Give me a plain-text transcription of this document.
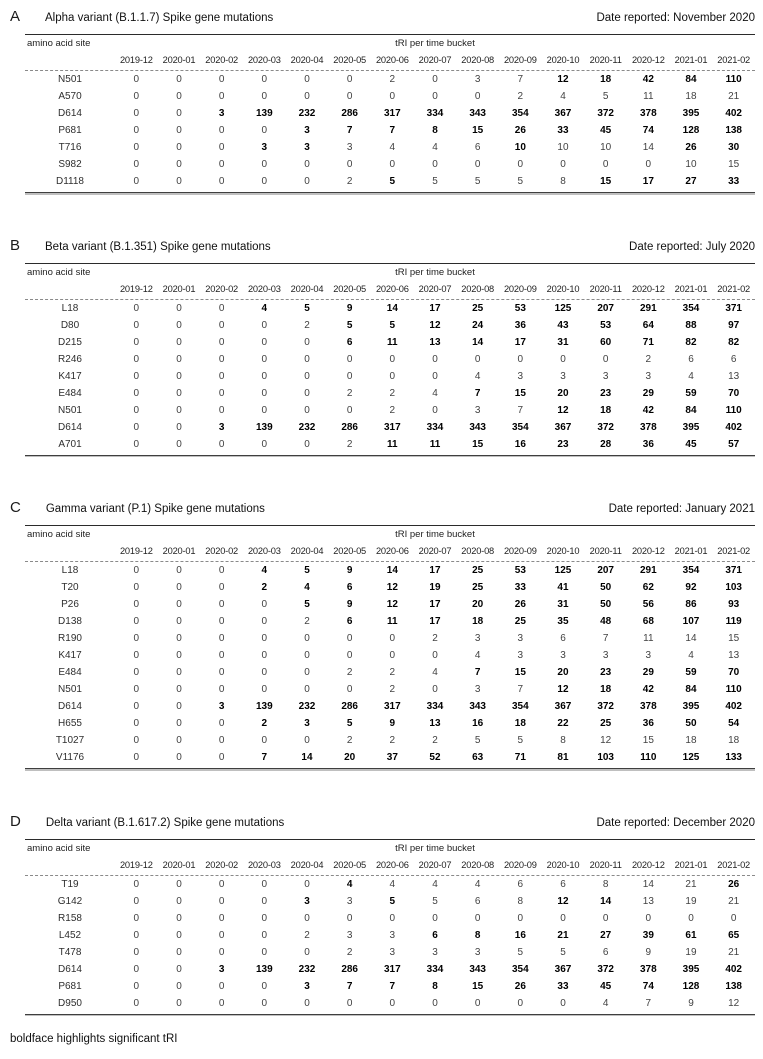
A Alpha variant (B.1.1.7) Spike gene mutations	Date reported: November 2020
amino acid site	tRI per time bucket
2019-12	2020-01	2020-02	2020-03	2020-04	2020-05	2020-06	2020-07	2020-08	2020-09	2020-10	2020-11	2020-12	2021-01	2021-02
N501	0	0	0	0	0	0	2	0	3	7	12	18	42	84	110
A570	0	0	0	0	0	0	0	0	0	2	4	5	11	18	21
D614	0	0	3	139	232	286	317	334	343	354	367	372	378	395	402
P681	0	0	0	0	3	7	7	8	15	26	33	45	74	128	138
T716	0	0	0	3	3	3	4	4	6	10	10	10	14	26	30
S982	0	0	0	0	0	0	0	0	0	0	0	0	0	10	15
D1118	0	0	0	0	0	2	5	5	5	5	8	15	17	27	33
B Beta variant (B.1.351) Spike gene mutations	Date reported: July 2020
amino acid site	tRI per time bucket
2019-12	2020-01	2020-02	2020-03	2020-04	2020-05	2020-06	2020-07	2020-08	2020-09	2020-10	2020-11	2020-12	2021-01	2021-02
L18	0	0	0	4	5	9	14	17	25	53	125	207	291	354	371
D80	0	0	0	0	2	5	5	12	24	36	43	53	64	88	97
D215	0	0	0	0	0	6	11	13	14	17	31	60	71	82	82
R246	0	0	0	0	0	0	0	0	0	0	0	0	2	6	6
K417	0	0	0	0	0	0	0	0	4	3	3	3	3	4	13
E484	0	0	0	0	0	2	2	4	7	15	20	23	29	59	70
N501	0	0	0	0	0	0	2	0	3	7	12	18	42	84	110
D614	0	0	3	139	232	286	317	334	343	354	367	372	378	395	402
A701	0	0	0	0	0	2	11	11	15	16	23	28	36	45	57
C Gamma variant (P.1) Spike gene mutations	Date reported: January 2021
amino acid site	tRI per time bucket
2019-12	2020-01	2020-02	2020-03	2020-04	2020-05	2020-06	2020-07	2020-08	2020-09	2020-10	2020-11	2020-12	2021-01	2021-02
L18	0	0	0	4	5	9	14	17	25	53	125	207	291	354	371
T20	0	0	0	2	4	6	12	19	25	33	41	50	62	92	103
P26	0	0	0	0	5	9	12	17	20	26	31	50	56	86	93
D138	0	0	0	0	2	6	11	17	18	25	35	48	68	107	119
R190	0	0	0	0	0	0	0	2	3	3	6	7	11	14	15
K417	0	0	0	0	0	0	0	0	4	3	3	3	3	4	13
E484	0	0	0	0	0	2	2	4	7	15	20	23	29	59	70
N501	0	0	0	0	0	0	2	0	3	7	12	18	42	84	110
D614	0	0	3	139	232	286	317	334	343	354	367	372	378	395	402
H655	0	0	0	2	3	5	9	13	16	18	22	25	36	50	54
T1027	0	0	0	0	0	2	2	2	5	5	8	12	15	18	18
V1176	0	0	0	7	14	20	37	52	63	71	81	103	110	125	133
D Delta variant (B.1.617.2) Spike gene mutations	Date reported: December 2020
amino acid site	tRI per time bucket
2019-12	2020-01	2020-02	2020-03	2020-04	2020-05	2020-06	2020-07	2020-08	2020-09	2020-10	2020-11	2020-12	2021-01	2021-02
T19	0	0	0	0	0	4	4	4	4	6	6	8	14	21	26
G142	0	0	0	0	3	3	5	5	6	8	12	14	13	19	21
R158	0	0	0	0	0	0	0	0	0	0	0	0	0	0	0
L452	0	0	0	0	2	3	3	6	8	16	21	27	39	61	65
T478	0	0	0	0	0	2	3	3	3	5	5	6	9	19	21
D614	0	0	3	139	232	286	317	334	343	354	367	372	378	395	402
P681	0	0	0	0	3	7	7	8	15	26	33	45	74	128	138
D950	0	0	0	0	0	0	0	0	0	0	0	4	7	9	12
boldface highlights significant tRI
